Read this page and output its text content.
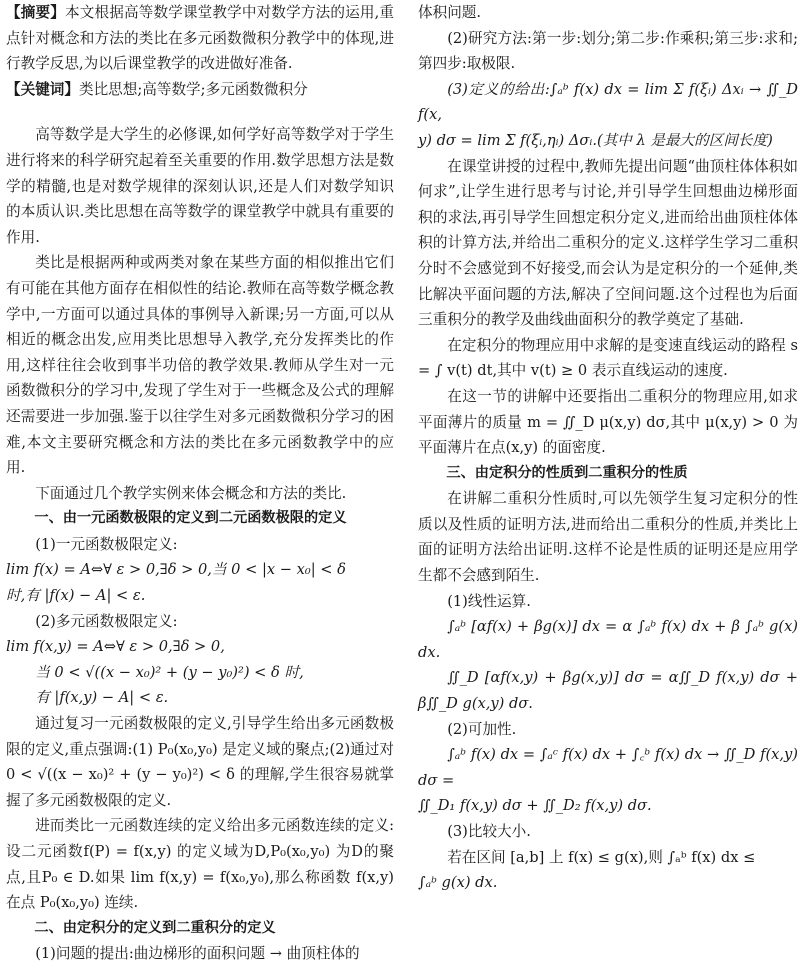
【摘要】本文根据高等数学课堂教学中对数学方法的运用,重点针对概念和方法的类比在多元函数微积分教学中的体现,进行教学反思,为以后课堂教学的改进做好准备.

【关键词】类比思想;高等数学;多元函数微积分

高等数学是大学生的必修课,如何学好高等数学对于学生进行将来的科学研究起着至关重要的作用.数学思想方法是数学的精髓,也是对数学规律的深刻认识,还是人们对数学知识的本质认识.类比思想在高等数学的课堂教学中就具有重要的作用.

类比是根据两种或两类对象在某些方面的相似推出它们有可能在其他方面存在相似性的结论.教师在高等数学概念教学中,一方面可以通过具体的事例导入新课;另一方面,可以从相近的概念出发,应用类比思想导入教学,充分发挥类比的作用,这样往往会收到事半功倍的教学效果.教师从学生对一元函数微积分的学习中,发现了学生对于一些概念及公式的理解还需要进一步加强.鉴于以往学生对多元函数微积分学习的困难,本文主要研究概念和方法的类比在多元函数教学中的应用.

下面通过几个教学实例来体会概念和方法的类比.

一、由一元函数极限的定义到二元函数极限的定义

(1)一元函数极限定义:

lim f(x) = A⇔∀ ε > 0,∃δ > 0,当 0 < |x − x₀| < δ

时,有 |f(x) − A| < ε.

(2)多元函数极限定义:

lim f(x,y) = A⇔∀ ε > 0,∃δ > 0,

当 0 < √((x − x₀)² + (y − y₀)²) < δ 时,

有 |f(x,y) − A| < ε.

通过复习一元函数极限的定义,引导学生给出多元函数极限的定义,重点强调:(1) P₀(x₀,y₀) 是定义域的聚点;(2)通过对 0 < √((x − x₀)² + (y − y₀)²) < δ 的理解,学生很容易就掌握了多元函数极限的定义.

进而类比一元函数连续的定义给出多元函数连续的定义:设二元函数f(P) = f(x,y) 的定义域为D,P₀(x₀,y₀) 为D的聚点,且P₀ ∈ D.如果 lim f(x,y) = f(x₀,y₀),那么称函数 f(x,y) 在点 P₀(x₀,y₀) 连续.

二、由定积分的定义到二重积分的定义

(1)问题的提出:曲边梯形的面积问题 → 曲顶柱体的

体积问题.

(2)研究方法:第一步:划分;第二步:作乘积;第三步:求和;第四步:取极限.

(3)定义的给出:∫ₐᵇ f(x) dx = lim Σ f(ξᵢ) Δxᵢ → ∬_D f(x,

y) dσ = lim Σ f(ξᵢ,ηᵢ) Δσᵢ.(其中 λ 是最大的区间长度)

在课堂讲授的过程中,教师先提出问题“曲顶柱体体积如何求”,让学生进行思考与讨论,并引导学生回想曲边梯形面积的求法,再引导学生回想定积分定义,进而给出曲顶柱体体积的计算方法,并给出二重积分的定义.这样学生学习二重积分时不会感觉到不好接受,而会认为是定积分的一个延伸,类比解决平面问题的方法,解决了空间问题.这个过程也为后面三重积分的教学及曲线曲面积分的教学奠定了基础.

在定积分的物理应用中求解的是变速直线运动的路程 s = ∫ v(t) dt,其中 v(t) ≥ 0 表示直线运动的速度.

在这一节的讲解中还要指出二重积分的物理应用,如求平面薄片的质量 m = ∬_D μ(x,y) dσ,其中 μ(x,y) > 0 为平面薄片在点(x,y) 的面密度.

三、由定积分的性质到二重积分的性质

在讲解二重积分性质时,可以先领学生复习定积分的性质以及性质的证明方法,进而给出二重积分的性质,并类比上面的证明方法给出证明.这样不论是性质的证明还是应用学生都不会感到陌生.

(1)线性运算.

∫ₐᵇ [αf(x) + βg(x)] dx = α ∫ₐᵇ f(x) dx + β ∫ₐᵇ g(x) dx.

∬_D [αf(x,y) + βg(x,y)] dσ = α∬_D f(x,y) dσ + β∬_D g(x,y) dσ.

(2)可加性.

∫ₐᵇ f(x) dx = ∫ₐᶜ f(x) dx + ∫꜀ᵇ f(x) dx → ∬_D f(x,y) dσ =

∬_D₁ f(x,y) dσ + ∬_D₂ f(x,y) dσ.

(3)比较大小.

若在区间 [a,b] 上 f(x) ≤ g(x),则 ∫ₐᵇ f(x) dx ≤

∫ₐᵇ g(x) dx.
